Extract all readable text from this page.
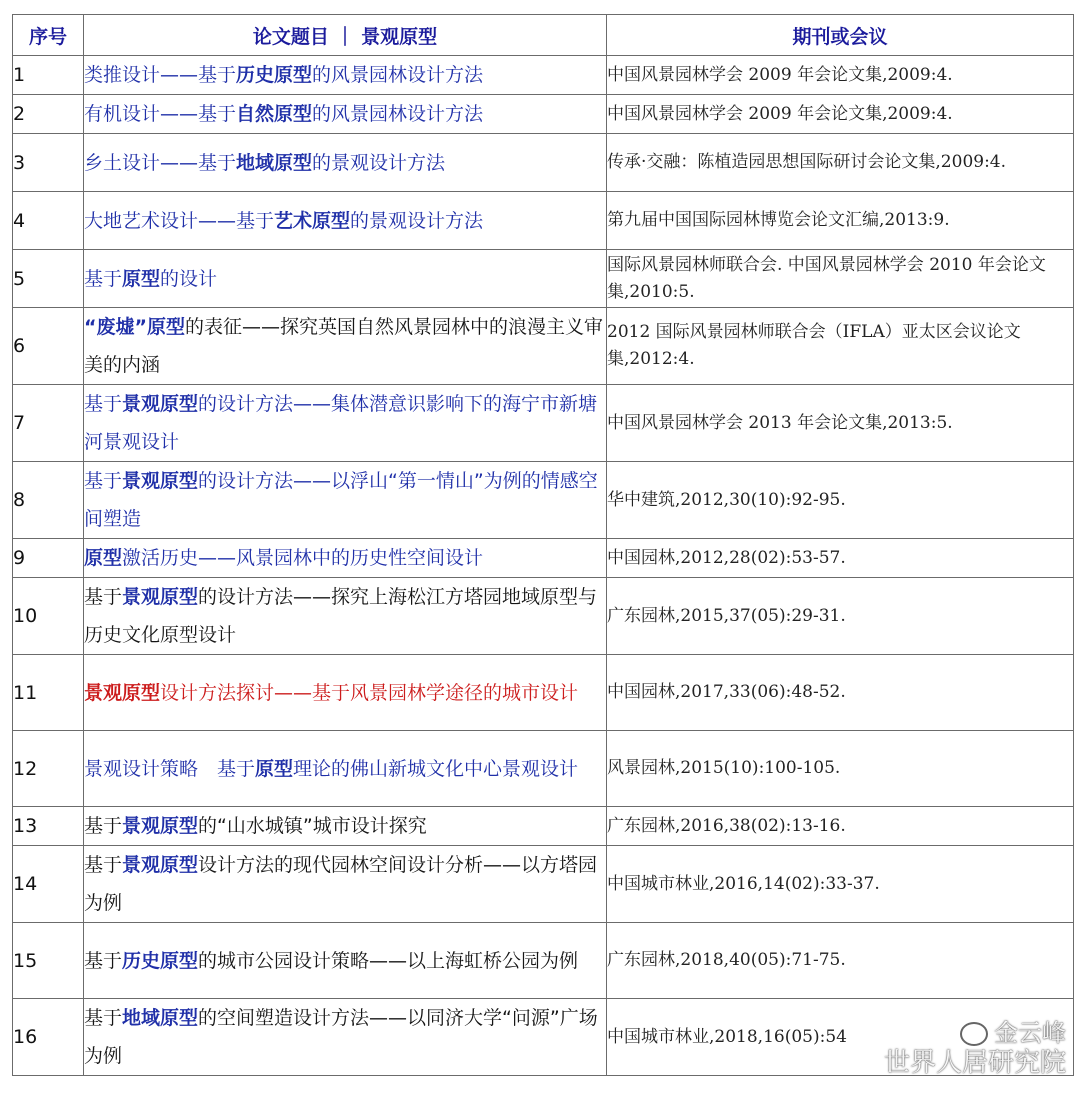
序号	论文题目 ｜ 景观原型	期刊或会议
1	类推设计——基于历史原型的风景园林设计方法	中国风景园林学会 2009 年会论文集,2009:4.
2	有机设计——基于自然原型的风景园林设计方法	中国风景园林学会 2009 年会论文集,2009:4.
3	乡土设计——基于地域原型的景观设计方法	传承·交融：陈植造园思想国际研讨会论文集,2009:4.
4	大地艺术设计——基于艺术原型的景观设计方法	第九届中国国际园林博览会论文汇编,2013:9.
5	基于原型的设计	国际风景园林师联合会. 中国风景园林学会 2010 年会论文集,2010:5.
6	“废墟”原型的表征——探究英国自然风景园林中的浪漫主义审美的内涵	2012 国际风景园林师联合会（IFLA）亚太区会议论文集,2012:4.
7	基于景观原型的设计方法——集体潜意识影响下的海宁市新塘河景观设计	中国风景园林学会 2013 年会论文集,2013:5.
8	基于景观原型的设计方法——以浮山“第一情山”为例的情感空间塑造	华中建筑,2012,30(10):92-95.
9	原型激活历史——风景园林中的历史性空间设计	中国园林,2012,28(02):53-57.
10	基于景观原型的设计方法——探究上海松江方塔园地域原型与历史文化原型设计	广东园林,2015,37(05):29-31.
11	景观原型设计方法探讨——基于风景园林学途径的城市设计	中国园林,2017,33(06):48-52.
12	景观设计策略　基于原型理论的佛山新城文化中心景观设计	风景园林,2015(10):100-105.
13	基于景观原型的“山水城镇”城市设计探究	广东园林,2016,38(02):13-16.
14	基于景观原型设计方法的现代园林空间设计分析——以方塔园为例	中国城市林业,2016,14(02):33-37.
15	基于历史原型的城市公园设计策略——以上海虹桥公园为例	广东园林,2018,40(05):71-75.
16	基于地域原型的空间塑造设计方法——以同济大学“问源”广场为例	中国城市林业,2018,16(05):54	金云峰
世界人居研究院
